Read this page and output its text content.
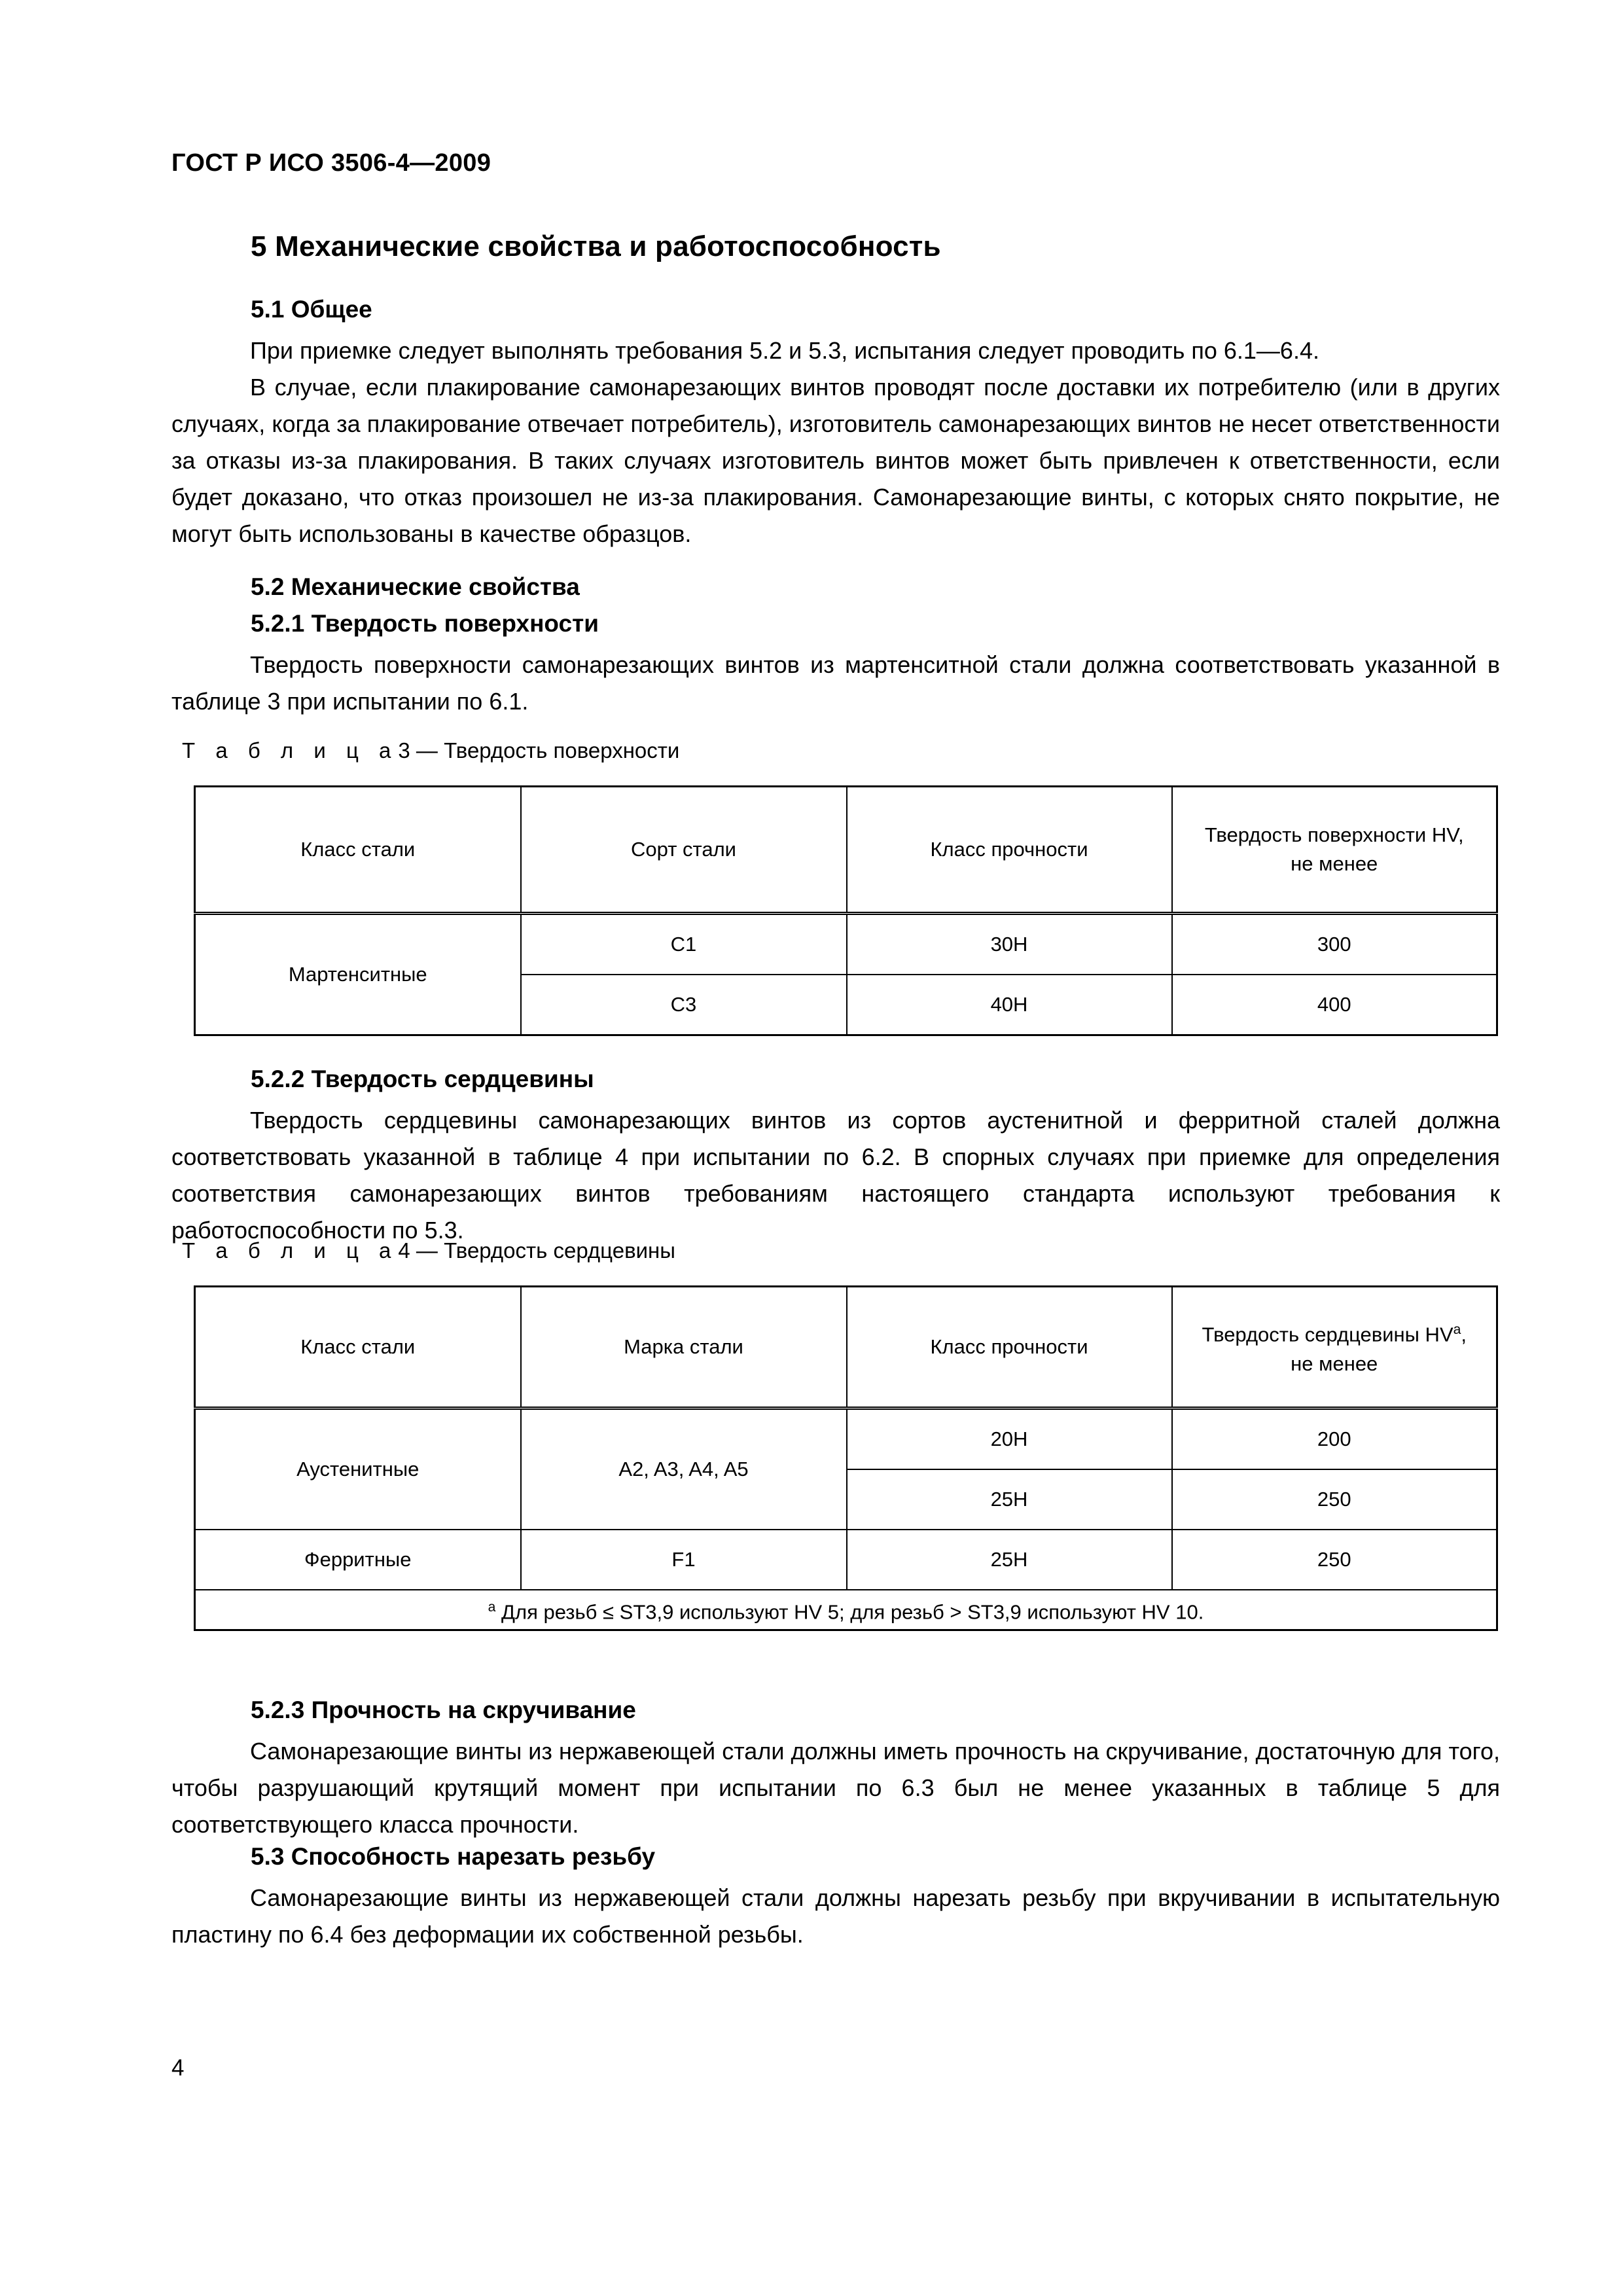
ГОСТ Р ИСО 3506-4—2009
5 Механические свойства и работоспособность
5.1 Общее

При приемке следует выполнять требования 5.2 и 5.3, испытания следует проводить по 6.1—6.4.

В случае, если плакирование самонарезающих винтов проводят после доставки их потребителю (или в других случаях, когда за плакирование отвечает потребитель), изготовитель самонарезающих винтов не несет ответственности за отказы из-за плакирования. В таких случаях изготовитель винтов может быть привлечен к ответственности, если будет доказано, что отказ произошел не из-за плакирования. Самонарезающие винты, с которых снято покрытие, не могут быть использованы в качестве образцов.

5.2 Механические свойства
5.2.1 Твердость поверхности

Твердость поверхности самонарезающих винтов из мартенситной стали должна соответствовать указанной в таблице 3 при испытании по 6.1.

Т а б л и ц а3 — Твердость поверхности
Класс стали	Сорт стали	Класс прочности	Твердость поверхности HV,
не менее
Мартенситные	C1	30H	300
	C3	40H	400
5.2.2 Твердость сердцевины

Твердость сердцевины самонарезающих винтов из сортов аустенитной и ферритной сталей должна соответствовать указанной в таблице 4 при испытании по 6.2. В спорных случаях при приемке для определения соответствия самонарезающих винтов требованиям настоящего стандарта используют требования к работоспособности по 5.3.

Т а б л и ц а4 — Твердость сердцевины
Класс стали	Марка стали	Класс прочности	Твердость сердцевины $HV^a$,
не менее
Аустенитные	A2, A3, A4, A5	20H	200
		25H	250
Ферритные	F1	25H	250
$^a$ Для резьб ≤ ST3,9 используют HV 5; для резьб > ST3,9 используют HV 10.			
5.2.3 Прочность на скручивание

Самонарезающие винты из нержавеющей стали должны иметь прочность на скручивание, достаточную для того, чтобы разрушающий крутящий момент при испытании по 6.3 был не менее указанных в таблице 5 для соответствующего класса прочности.

5.3 Способность нарезать резьбу

Самонарезающие винты из нержавеющей стали должны нарезать резьбу при вкручивании в испытательную пластину по 6.4 без деформации их собственной резьбы.

4
